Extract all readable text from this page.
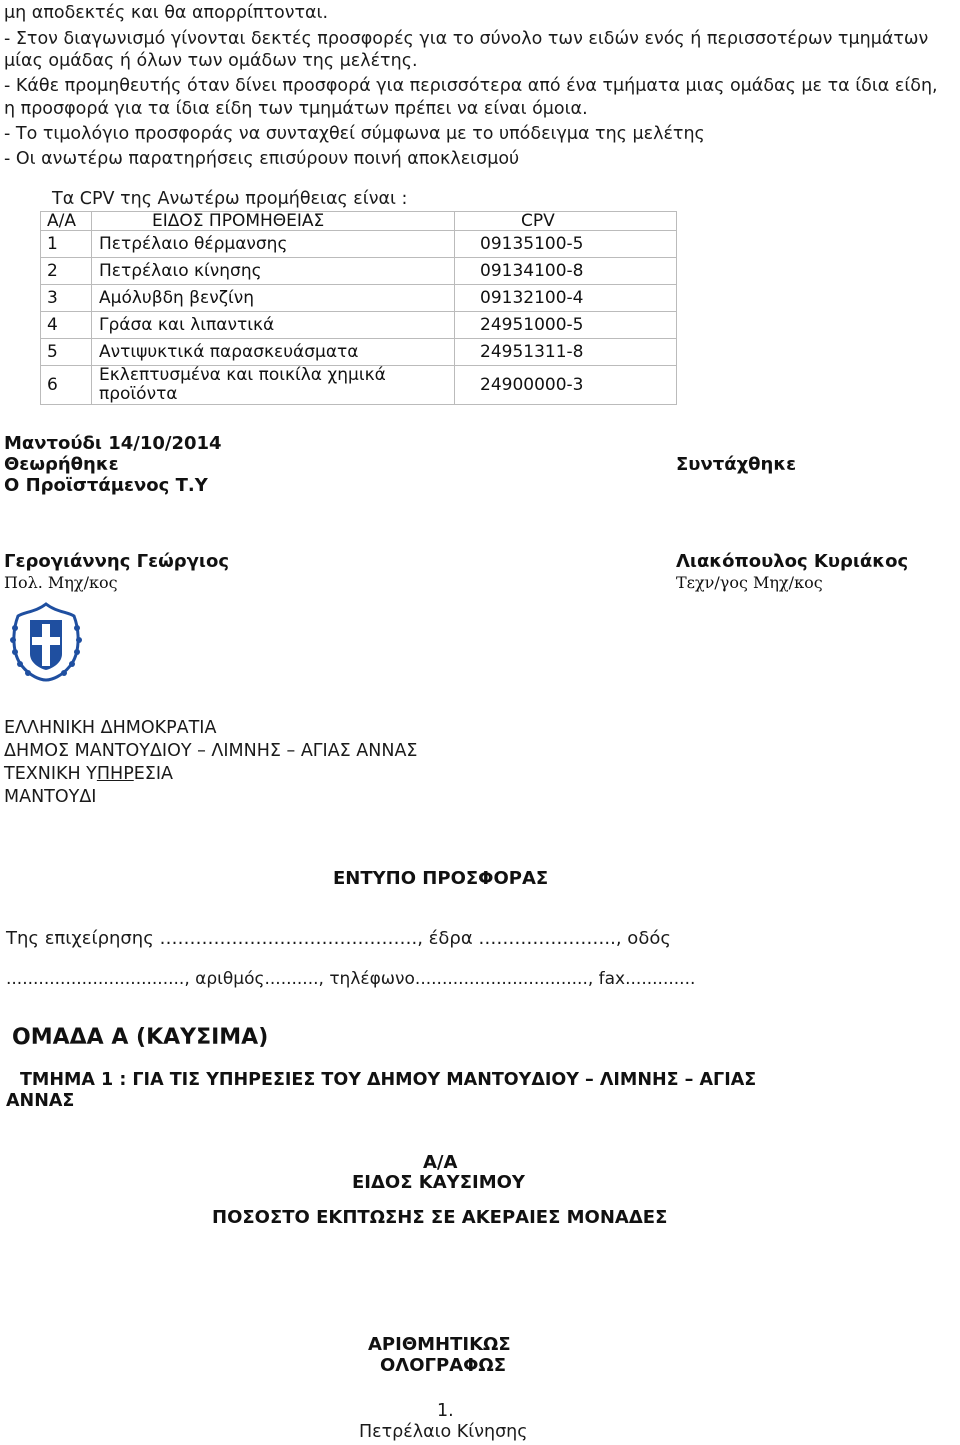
μη αποδεκτές και θα απορρίπτονται.
- Στον διαγωνισμό γίνονται δεκτές προσφορές για το σύνολο των ειδών ενός ή περισσοτέρων τμημάτων
μίας ομάδας ή όλων των ομάδων της μελέτης.
- Κάθε προμηθευτής όταν δίνει προσφορά για περισσότερα από ένα τμήματα μιας ομάδας με τα ίδια είδη,
η προσφορά για τα ίδια είδη των τμημάτων πρέπει να είναι όμοια.
- Το τιμολόγιο προσφοράς να συνταχθεί σύμφωνα με το υπόδειγμα της μελέτης
- Οι ανωτέρω παρατηρήσεις επισύρουν ποινή αποκλεισμού
Τα CPV της Ανωτέρω προμήθειας είναι :
Α/Α	ΕΙΔΟΣ ΠΡΟΜΗΘΕΙΑΣ	CPV
1	Πετρέλαιο θέρμανσης	09135100-5
2	Πετρέλαιο κίνησης	09134100-8
3	Αμόλυβδη βενζίνη	09132100-4
4	Γράσα και λιπαντικά	24951000-5
5	Αντιψυκτικά παρασκευάσματα	24951311-8
6	Εκλεπτυσμένα και ποικίλα χημικά προϊόντα	24900000-3
Μαντούδι 14/10/2014
Θεωρήθηκε
Ο Προϊστάμενος Τ.Υ
Συντάχθηκε
Γερογιάννης Γεώργιος
Πολ. Μηχ/κος
Λιακόπουλος Κυριάκος
Τεχν/γος Μηχ/κος
ΕΛΛΗΝΙΚΗ ΔΗΜΟΚΡΑΤΙΑ
ΔΗΜΟΣ ΜΑΝΤΟΥΔΙΟΥ – ΛΙΜΝΗΣ – ΑΓΙΑΣ ΑΝΝΑΣ
ΤΕΧΝΙΚΗ ΥΠΗΡΕΣΙΑ
ΜΑΝΤΟΥΔΙ
ΕΝΤΥΠΟ ΠΡΟΣΦΟΡΑΣ
Της επιχείρησης ……………………………………., έδρα ………………….., οδός
................................., αριθμός.........., τηλέφωνο................................, fax.............
ΟΜΑΔΑ Α (ΚΑΥΣΙΜΑ)
ΤΜΗΜΑ 1 : ΓΙΑ ΤΙΣ ΥΠΗΡΕΣΙΕΣ ΤΟΥ ΔΗΜΟΥ ΜΑΝΤΟΥΔΙΟΥ – ΛΙΜΝΗΣ – ΑΓΙΑΣ
ΑΝΝΑΣ
Α/Α
ΕΙΔΟΣ ΚΑΥΣΙΜΟΥ
ΠΟΣΟΣΤΟ ΕΚΠΤΩΣΗΣ ΣΕ ΑΚΕΡΑΙΕΣ ΜΟΝΑΔΕΣ
ΑΡΙΘΜΗΤΙΚΩΣ
ΟΛΟΓΡΑΦΩΣ
1.
Πετρέλαιο Κίνησης
